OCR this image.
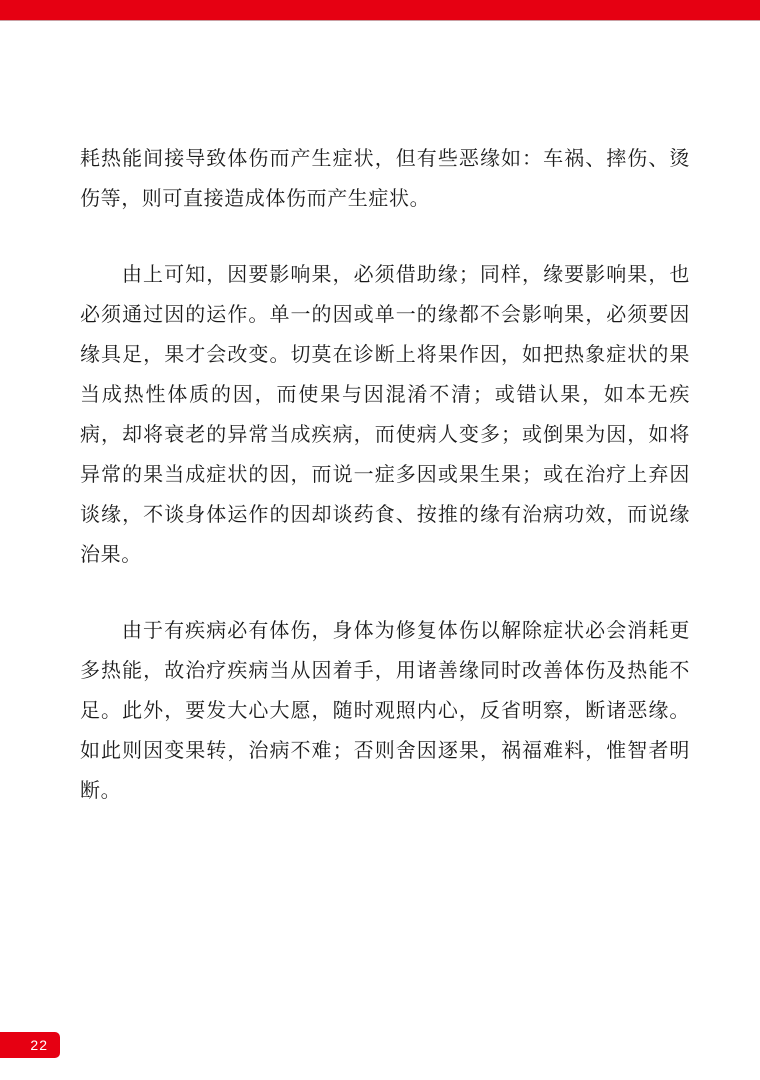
耗热能间接导致体伤而产生症状，但有些恶缘如：车祸、摔伤、烫伤等，则可直接造成体伤而产生症状。

由上可知，因要影响果，必须借助缘；同样，缘要影响果，也必须通过因的运作。单一的因或单一的缘都不会影响果，必须要因缘具足，果才会改变。切莫在诊断上将果作因，如把热象症状的果当成热性体质的因，而使果与因混淆不清；或错认果，如本无疾病，却将衰老的异常当成疾病，而使病人变多；或倒果为因，如将异常的果当成症状的因，而说一症多因或果生果；或在治疗上弃因谈缘，不谈身体运作的因却谈药食、按推的缘有治病功效，而说缘治果。

由于有疾病必有体伤，身体为修复体伤以解除症状必会消耗更多热能，故治疗疾病当从因着手，用诸善缘同时改善体伤及热能不足。此外，要发大心大愿，随时观照内心，反省明察，断诸恶缘。如此则因变果转，治病不难；否则舍因逐果，祸福难料，惟智者明断。

22
